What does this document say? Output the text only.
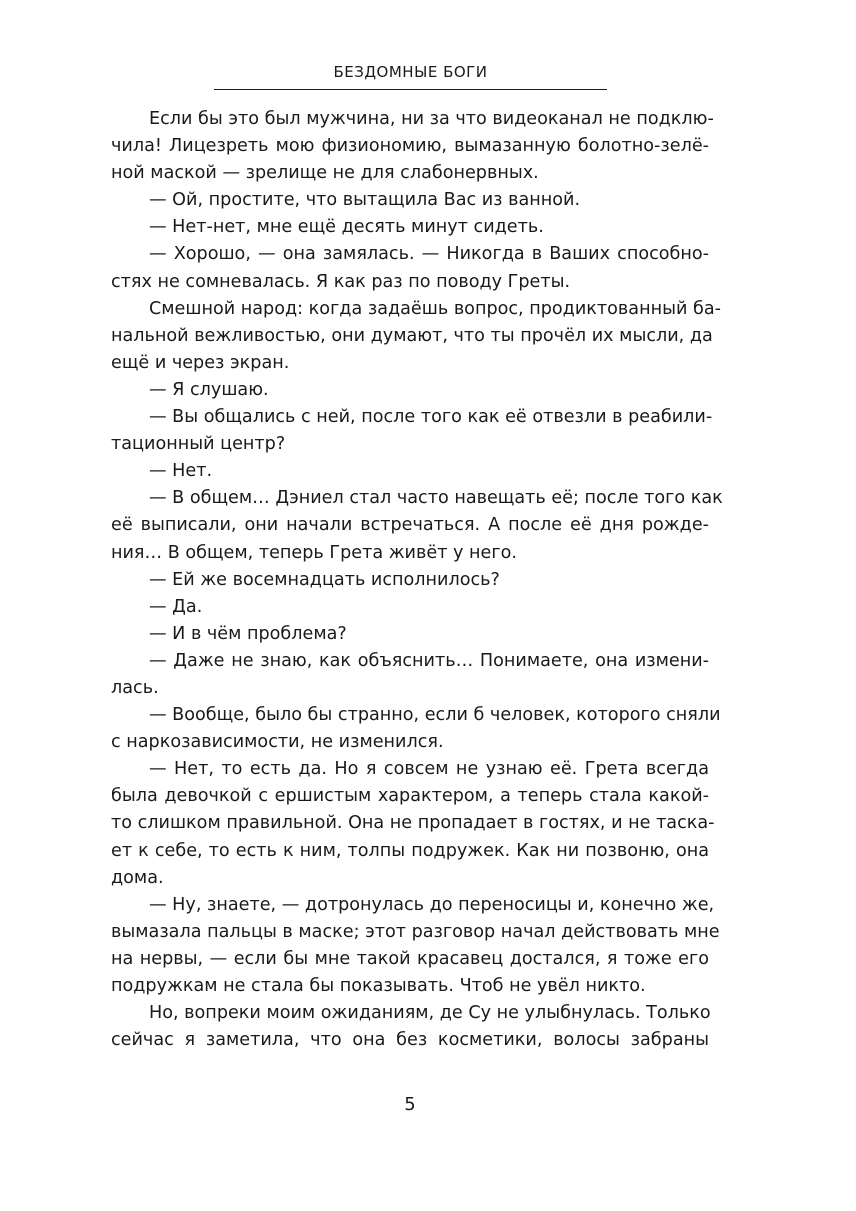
БЕЗДОМНЫЕ БОГИ
Если бы это был мужчина, ни за что видеоканал не подклю-
чила! Лицезреть мою физиономию, вымазанную болотно-зелё-
ной маской — зрелище не для слабонервных.
— Ой, простите, что вытащила Вас из ванной.
— Нет-нет, мне ещё десять минут сидеть.
— Хорошо, — она замялась. — Никогда в Ваших способно-
стях не сомневалась. Я как раз по поводу Греты.
Смешной народ: когда задаёшь вопрос, продиктованный ба-
нальной вежливостью, они думают, что ты прочёл их мысли, да
ещё и через экран.
— Я слушаю.
— Вы общались с ней, после того как её отвезли в реабили-
тационный центр?
— Нет.
— В общем… Дэниел стал часто навещать её; после того как
её выписали, они начали встречаться. А после её дня рожде-
ния… В общем, теперь Грета живёт у него.
— Ей же восемнадцать исполнилось?
— Да.
— И в чём проблема?
— Даже не знаю, как объяснить… Понимаете, она измени-
лась.
— Вообще, было бы странно, если б человек, которого сняли
с наркозависимости, не изменился.
— Нет, то есть да. Но я совсем не узнаю её. Грета всегда
была девочкой с ершистым характером, а теперь стала какой-
то слишком правильной. Она не пропадает в гостях, и не таска-
ет к себе, то есть к ним, толпы подружек. Как ни позвоню, она
дома.
— Ну, знаете, — дотронулась до переносицы и, конечно же,
вымазала пальцы в маске; этот разговор начал действовать мне
на нервы, — если бы мне такой красавец достался, я тоже его
подружкам не стала бы показывать. Чтоб не увёл никто.
Но, вопреки моим ожиданиям, де Су не улыбнулась. Только
сейчас я заметила, что она без косметики, волосы забраны
5
